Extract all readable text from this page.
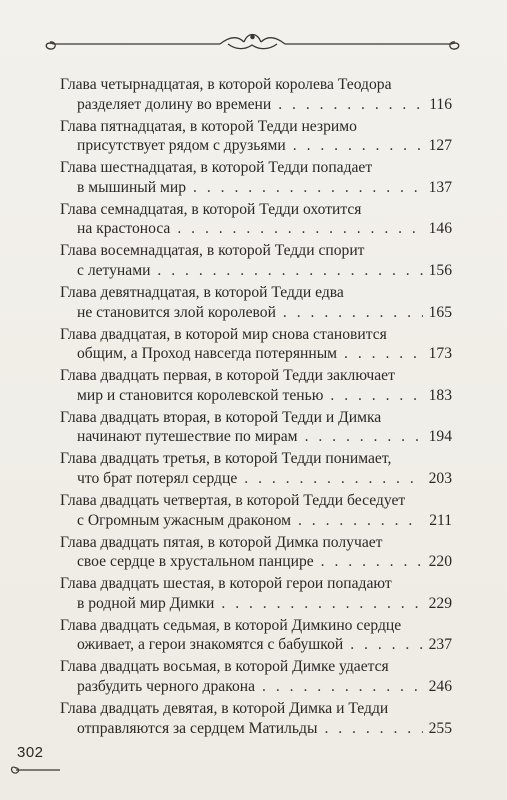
Глава четырнадцатая, в которой королева Теодора
разделяет долину во времени . . .	116
Глава пятнадцатая, в которой Тедди незримо
присутствует рядом с друзьями . . .	127
Глава шестнадцатая, в которой Тедди попадает
в мышиный мир . . .	137
Глава семнадцатая, в которой Тедди охотится
на крастоноса . . .	146
Глава восемнадцатая, в которой Тедди спорит
с летунами . . .	156
Глава девятнадцатая, в которой Тедди едва
не становится злой королевой . . .	165
Глава двадцатая, в которой мир снова становится
общим, а Проход навсегда потерянным . . .	173
Глава двадцать первая, в которой Тедди заключает
мир и становится королевской тенью . . .	183
Глава двадцать вторая, в которой Тедди и Димка
начинают путешествие по мирам . . .	194
Глава двадцать третья, в которой Тедди понимает,
что брат потерял сердце . . .	203
Глава двадцать четвертая, в которой Тедди беседует
с Огромным ужасным драконом . . .	211
Глава двадцать пятая, в которой Димка получает
свое сердце в хрустальном панцире . . .	220
Глава двадцать шестая, в которой герои попадают
в родной мир Димки . . .	229
Глава двадцать седьмая, в которой Димкино сердце
оживает, а герои знакомятся с бабушкой . . .	237
Глава двадцать восьмая, в которой Димке удается
разбудить черного дракона . . .	246
Глава двадцать девятая, в которой Димка и Тедди
отправляются за сердцем Матильды . . .	255
302
